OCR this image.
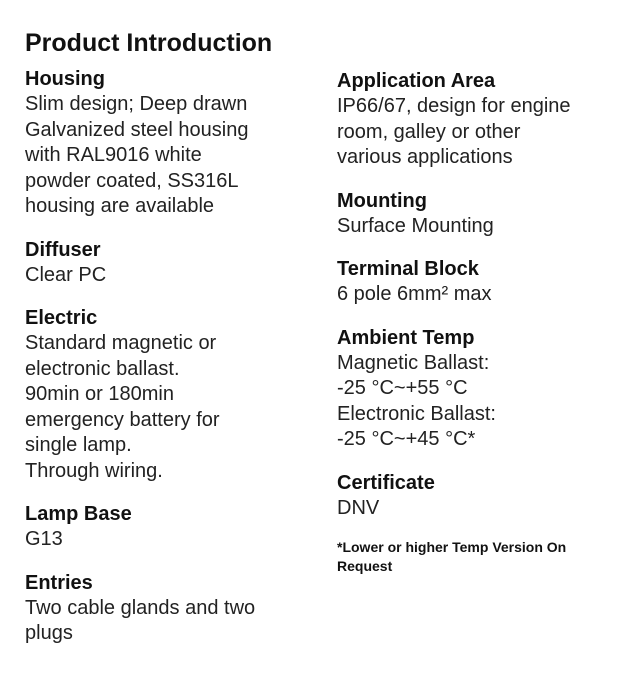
Product Introduction
Housing
Slim design; Deep drawn
Galvanized steel housing
with RAL9016 white
powder coated, SS316L
housing are available
Diffuser
Clear PC
Electric
Standard magnetic or
electronic ballast.
90min or 180min
emergency battery for
single lamp.
Through wiring.
Lamp Base
G13
Entries
Two cable glands and two
plugs
Application Area
IP66/67, design for engine
room, galley or other
various applications
Mounting
Surface Mounting
Terminal Block
6 pole 6mm² max
Ambient Temp
Magnetic Ballast:
-25 °C~+55 °C
Electronic Ballast:
-25 °C~+45 °C*
Certificate
DNV
*Lower or higher Temp Version On
Request
